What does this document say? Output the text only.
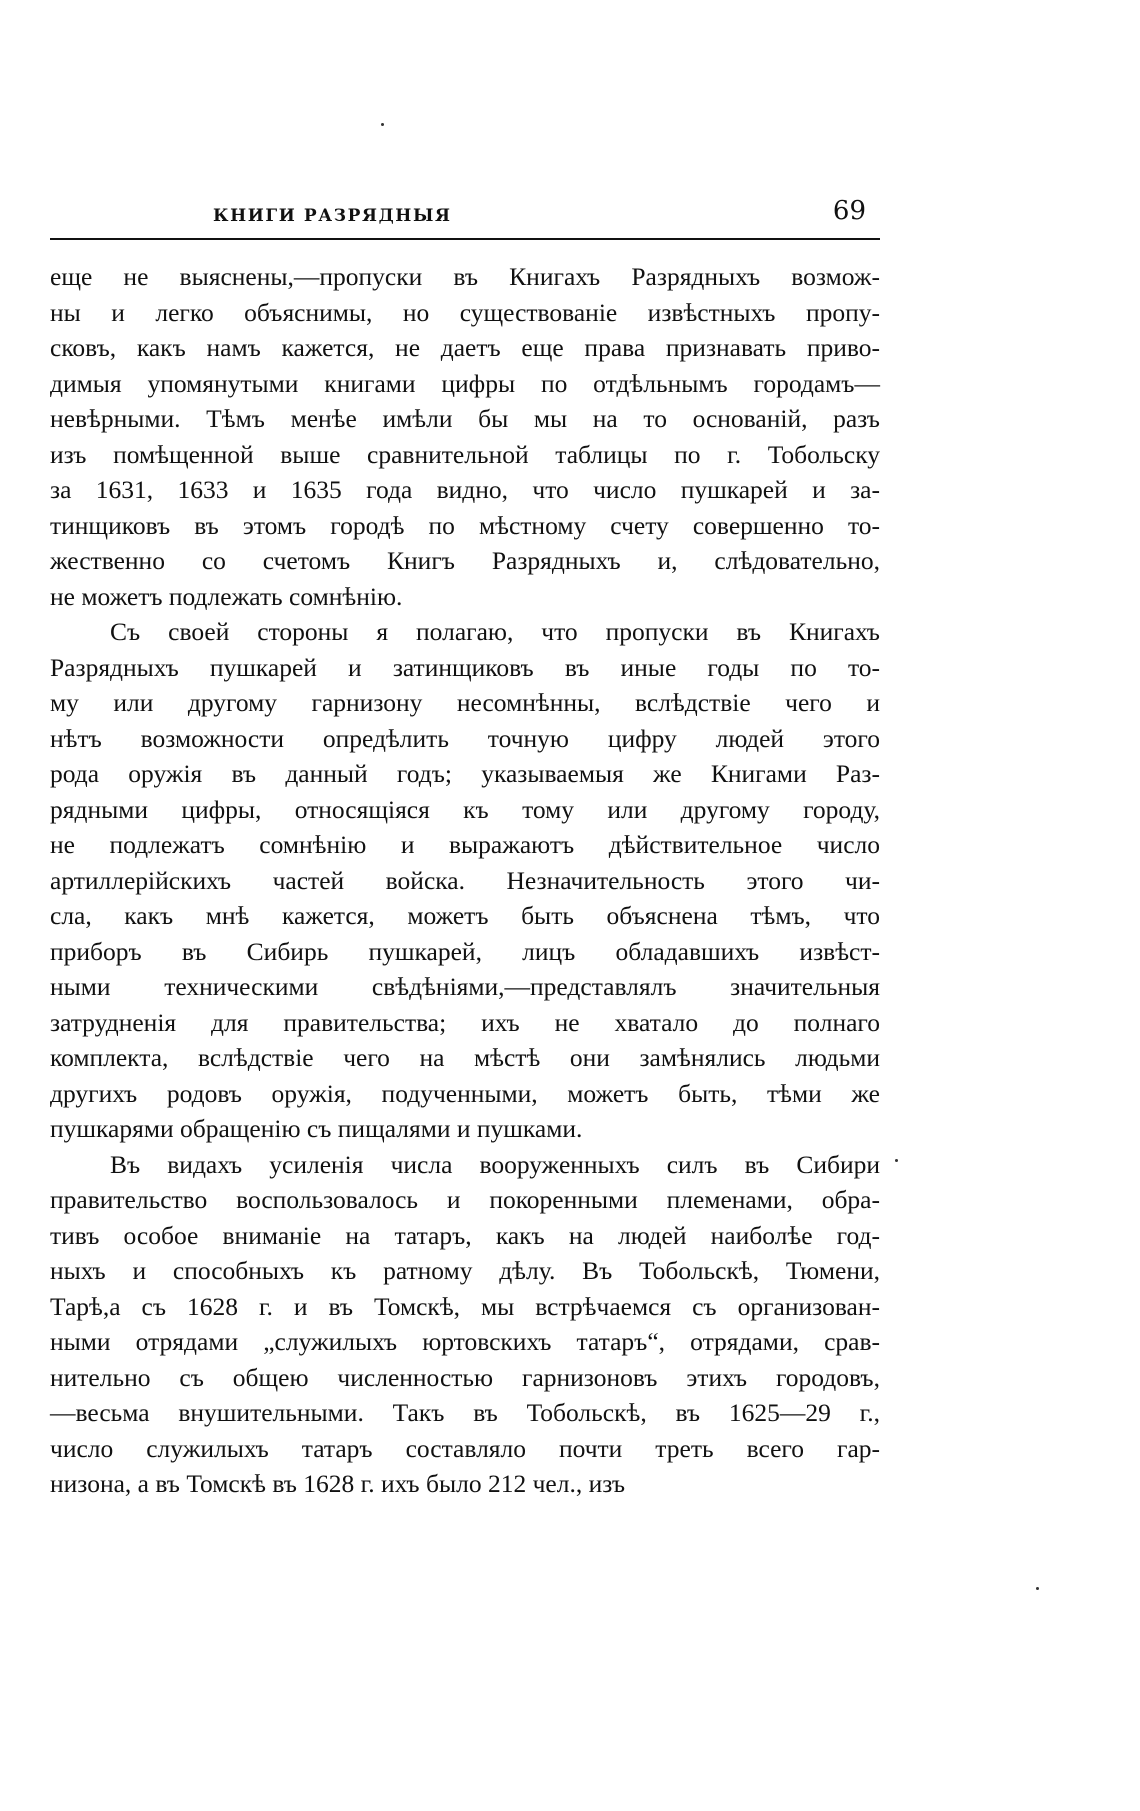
КНИГИ РАЗРЯДНЫЯ	69

еще не выяснены,—пропуски въ Книгахъ Разрядныхъ возмож-
ны и легко объяснимы, но существованіе извѣстныхъ пропу-
сковъ, какъ намъ кажется, не даетъ еще права признавать приво-
димыя упомянутыми книгами цифры по отдѣльнымъ городамъ—
невѣрными. Тѣмъ менѣе имѣли бы мы на то основаній, разъ
изъ помѣщенной выше сравнительной таблицы по г. Тобольску
за 1631, 1633 и 1635 года видно, что число пушкарей и за-
тинщиковъ въ этомъ городѣ по мѣстному счету совершенно то-
жественно со счетомъ Книгъ Разрядныхъ и, слѣдовательно,
не можетъ подлежать сомнѣнію.

Съ своей стороны я полагаю, что пропуски въ Книгахъ
Разрядныхъ пушкарей и затинщиковъ въ иные годы по то-
му или другому гарнизону несомнѣнны, вслѣдствіе чего и
нѣтъ возможности опредѣлить точную цифру людей этого
рода оружія въ данный годъ; указываемыя же Книгами Раз-
рядными цифры, относящіяся къ тому или другому городу,
не подлежатъ сомнѣнію и выражаютъ дѣйствительное число
артиллерійскихъ частей войска. Незначительность этого чи-
сла, какъ мнѣ кажется, можетъ быть объяснена тѣмъ, что
приборъ въ Сибирь пушкарей, лицъ обладавшихъ извѣст-
ными техническими свѣдѣніями,—представлялъ значительныя
затрудненія для правительства; ихъ не хватало до полнаго
комплекта, вслѣдствіе чего на мѣстѣ они замѣнялись людьми
другихъ родовъ оружія, подученными, можетъ быть, тѣми же
пушкарями обращенію съ пищалями и пушками.

Въ видахъ усиленія числа вооруженныхъ силъ въ Сибири
правительство воспользовалось и покоренными племенами, обра-
тивъ особое вниманіе на татаръ, какъ на людей наиболѣе год-
ныхъ и способныхъ къ ратному дѣлу. Въ Тобольскѣ, Тюмени,
Тарѣ,а съ 1628 г. и въ Томскѣ, мы встрѣчаемся съ организован-
ными отрядами „служилыхъ юртовскихъ татаръ“, отрядами, срав-
нительно съ общею численностью гарнизоновъ этихъ городовъ,
—весьма внушительными. Такъ въ Тобольскѣ, въ 1625—29 г.,
число служилыхъ татаръ составляло почти треть всего гар-
низона, а въ Томскѣ въ 1628 г. ихъ было 212 чел., изъ
